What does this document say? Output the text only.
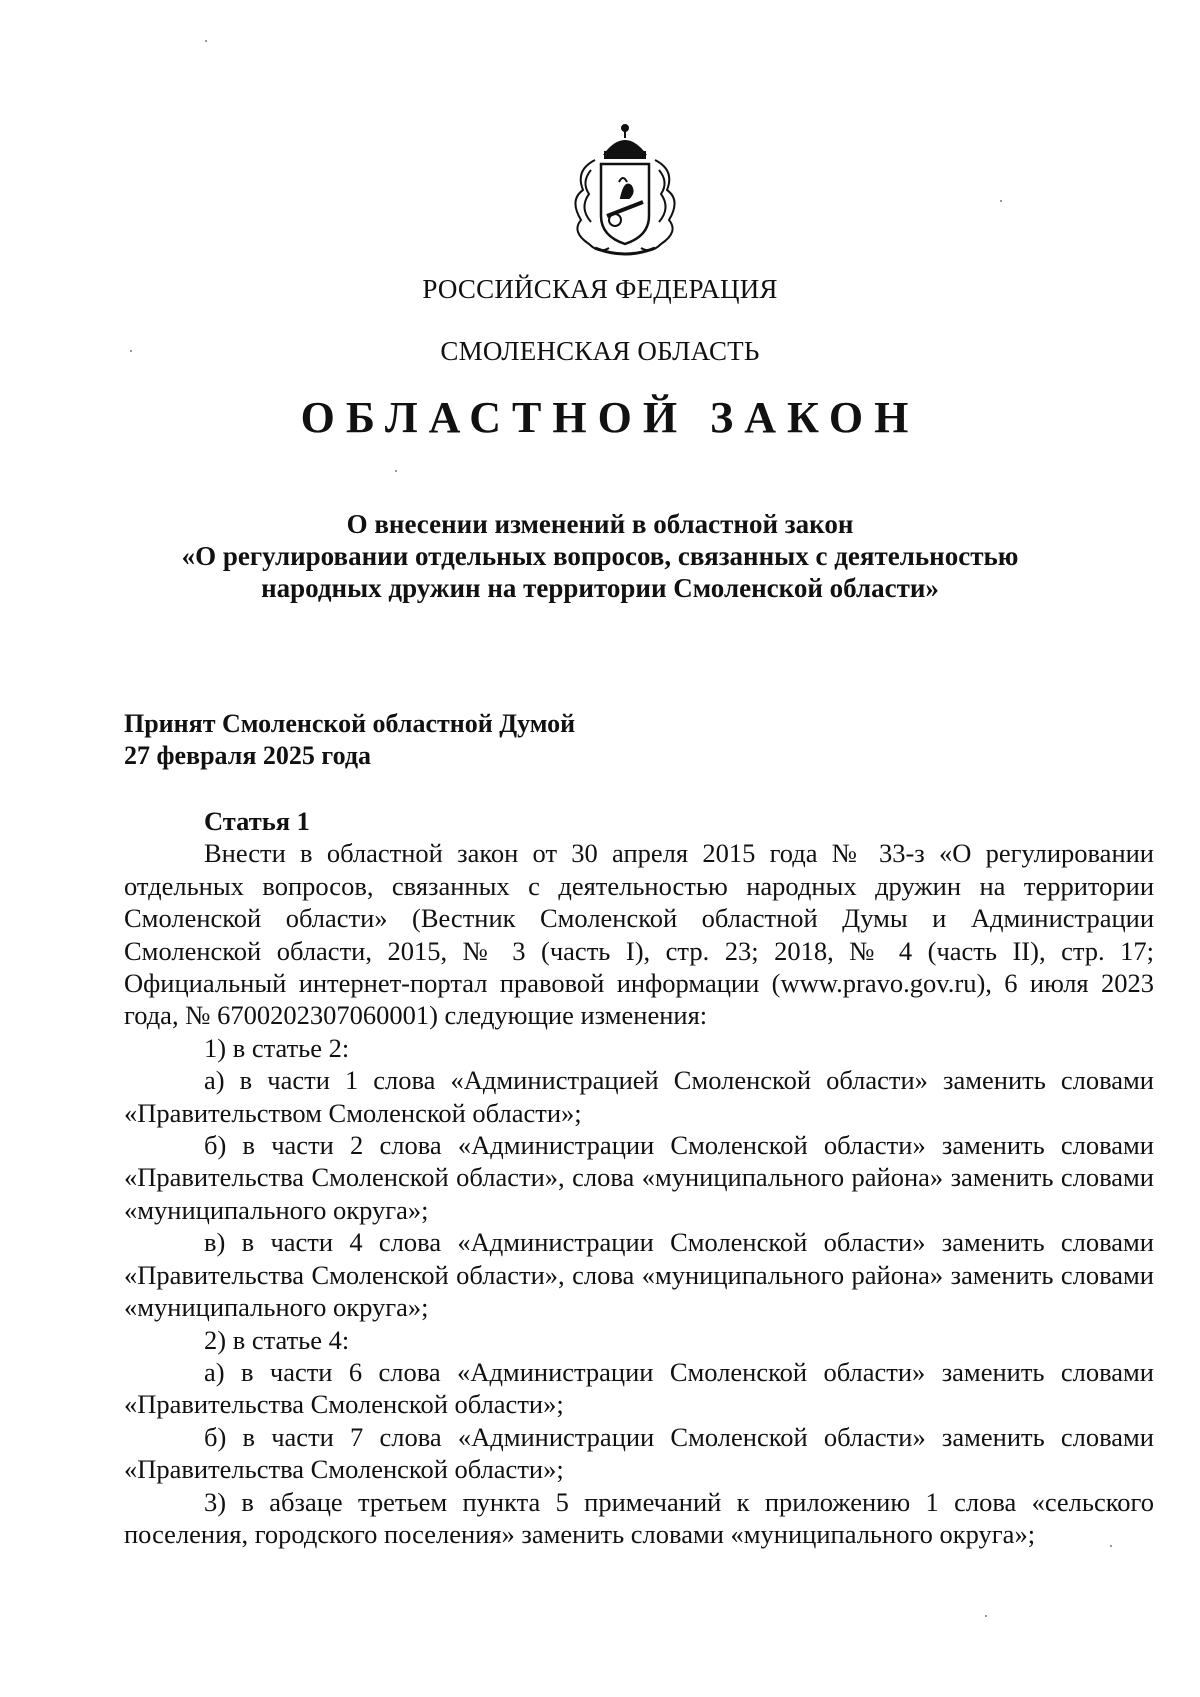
РОССИЙСКАЯ ФЕДЕРАЦИЯ
СМОЛЕНСКАЯ ОБЛАСТЬ
ОБЛАСТНОЙ ЗАКОН
О внесении изменений в областной закон
«О регулировании отдельных вопросов, связанных с деятельностью
народных дружин на территории Смоленской области»
Принят Смоленской областной Думой
27 февраля 2025 года
Статья 1
Внести в областной закон от 30 апреля 2015 года № 33-з «О регулировании отдельных вопросов, связанных с деятельностью народных дружин на территории Смоленской области» (Вестник Смоленской областной Думы и Администрации Смоленской области, 2015, № 3 (часть I), стр. 23; 2018, № 4 (часть II), стр. 17; Официальный интернет-портал правовой информации (www.pravo.gov.ru), 6 июля 2023 года, № 6700202307060001) следующие изменения:
1) в статье 2:
а) в части 1 слова «Администрацией Смоленской области» заменить словами «Правительством Смоленской области»;
б) в части 2 слова «Администрации Смоленской области» заменить словами «Правительства Смоленской области», слова «муниципального района» заменить словами «муниципального округа»;
в) в части 4 слова «Администрации Смоленской области» заменить словами «Правительства Смоленской области», слова «муниципального района» заменить словами «муниципального округа»;
2) в статье 4:
а) в части 6 слова «Администрации Смоленской области» заменить словами «Правительства Смоленской области»;
б) в части 7 слова «Администрации Смоленской области» заменить словами «Правительства Смоленской области»;
3) в абзаце третьем пункта 5 примечаний к приложению 1 слова «сельского поселения, городского поселения» заменить словами «муниципального округа»;
